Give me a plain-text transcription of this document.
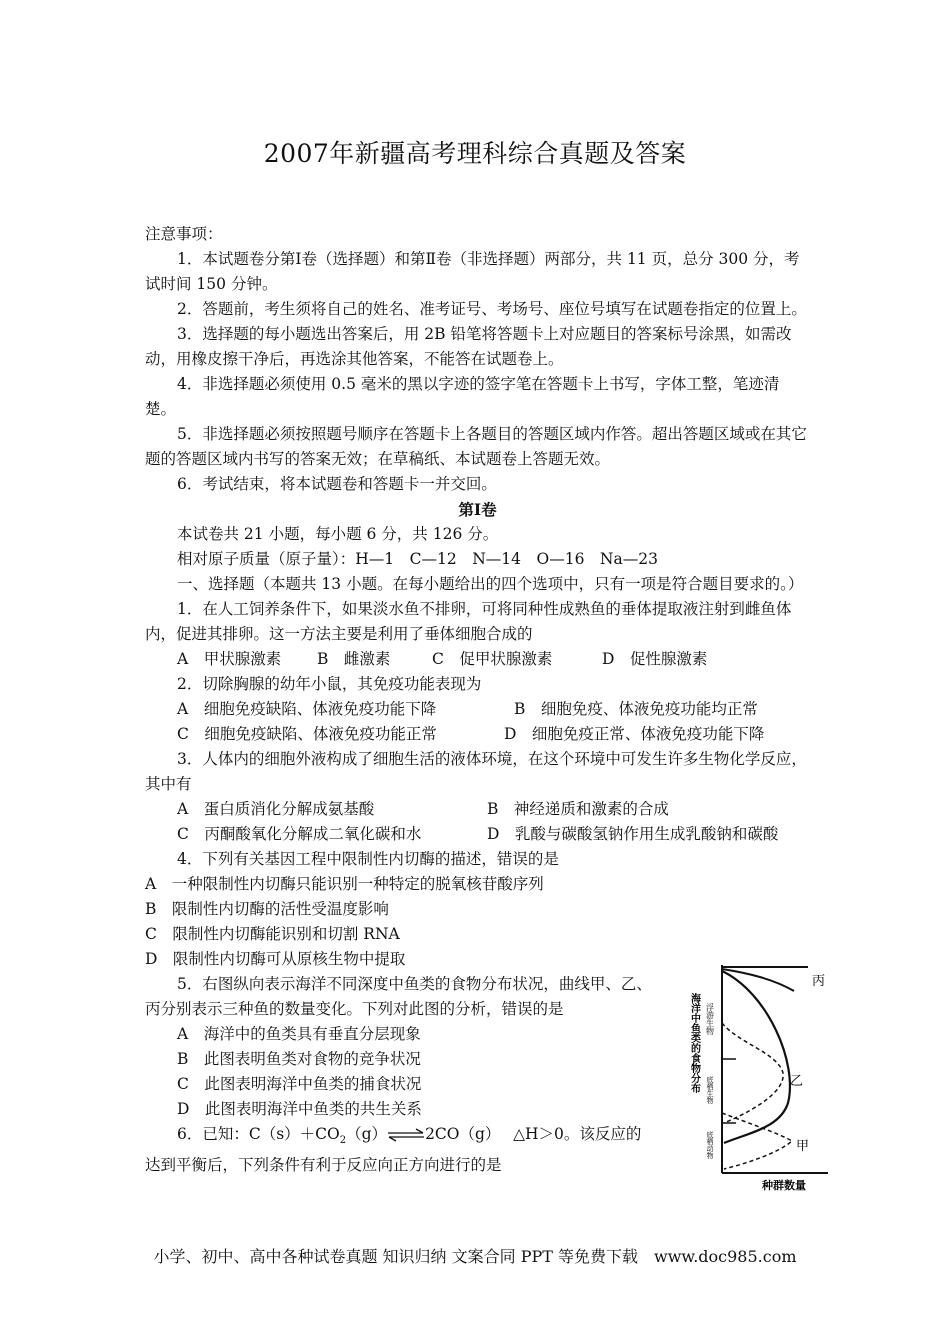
2007年新疆高考理科综合真题及答案

注意事项：

1．本试题卷分第Ⅰ卷（选择题）和第Ⅱ卷（非选择题）两部分，共 11 页，总分 300 分，考试时间 150 分钟。

2．答题前，考生须将自己的姓名、准考证号、考场号、座位号填写在试题卷指定的位置上。

3．选择题的每小题选出答案后，用 2B 铅笔将答题卡上对应题目的答案标号涂黑，如需改动，用橡皮擦干净后，再选涂其他答案，不能答在试题卷上。

4．非选择题必须使用 0.5 毫米的黑以字迹的签字笔在答题卡上书写，字体工整，笔迹清楚。

5．非选择题必须按照题号顺序在答题卡上各题目的答题区域内作答。超出答题区域或在其它题的答题区域内书写的答案无效；在草稿纸、本试题卷上答题无效。

6．考试结束，将本试题卷和答题卡一并交回。

第Ⅰ卷

本试卷共 21 小题，每小题 6 分，共 126 分。

相对原子质量（原子量）：H—1　C—12　N—14　O—16　Na—23

一、选择题（本题共 13 小题。在每小题给出的四个选项中，只有一项是符合题目要求的。）

1．在人工饲养条件下，如果淡水鱼不排卵，可将同种性成熟鱼的垂体提取液注射到雌鱼体内，促进其排卵。这一方法主要是利用了垂体细胞合成的

A　甲状腺激素 B　雌激素	C　促甲状腺激素	D　促性腺激素

2．切除胸腺的幼年小鼠，其免疫功能表现为

A　细胞免疫缺陷、体液免疫功能下降	B　细胞免疫、体液免疫功能均正常
C　细胞免疫缺陷、体液免疫功能正常	D　细胞免疫正常、体液免疫功能下降

3．人体内的细胞外液构成了细胞生活的液体环境，在这个环境中可发生许多生物化学反应，其中有

A　蛋白质消化分解成氨基酸	B　神经递质和激素的合成
C　丙酮酸氧化分解成二氧化碳和水	D　乳酸与碳酸氢钠作用生成乳酸钠和碳酸

4．下列有关基因工程中限制性内切酶的描述，错误的是

A　一种限制性内切酶只能识别一种特定的脱氧核苷酸序列

B　限制性内切酶的活性受温度影响

C　限制性内切酶能识别和切割 RNA

D　限制性内切酶可从原核生物中提取

5．右图纵向表示海洋不同深度中鱼类的食物分布状况，曲线甲、乙、丙分别表示三种鱼的数量变化。下列对此图的分析，错误的是

A　海洋中的鱼类具有垂直分层现象

B　此图表明鱼类对食物的竞争状况

C　此图表明海洋中鱼类的捕食状况

D　此图表明海洋中鱼类的共生关系

6．已知：$C(s)+CO_2(g)\rightleftharpoons 2CO(g)$　 △H＞0。该反应的

达到平衡后，下列条件有利于反应向正方向进行的是

丙
乙
甲
浮游生物
底栖生物
底栖动物
海洋中鱼类的食物分布
种群数量
小学、初中、高中各种试卷真题 知识归纳 文案合同 PPT 等免费下载　www.doc985.com
